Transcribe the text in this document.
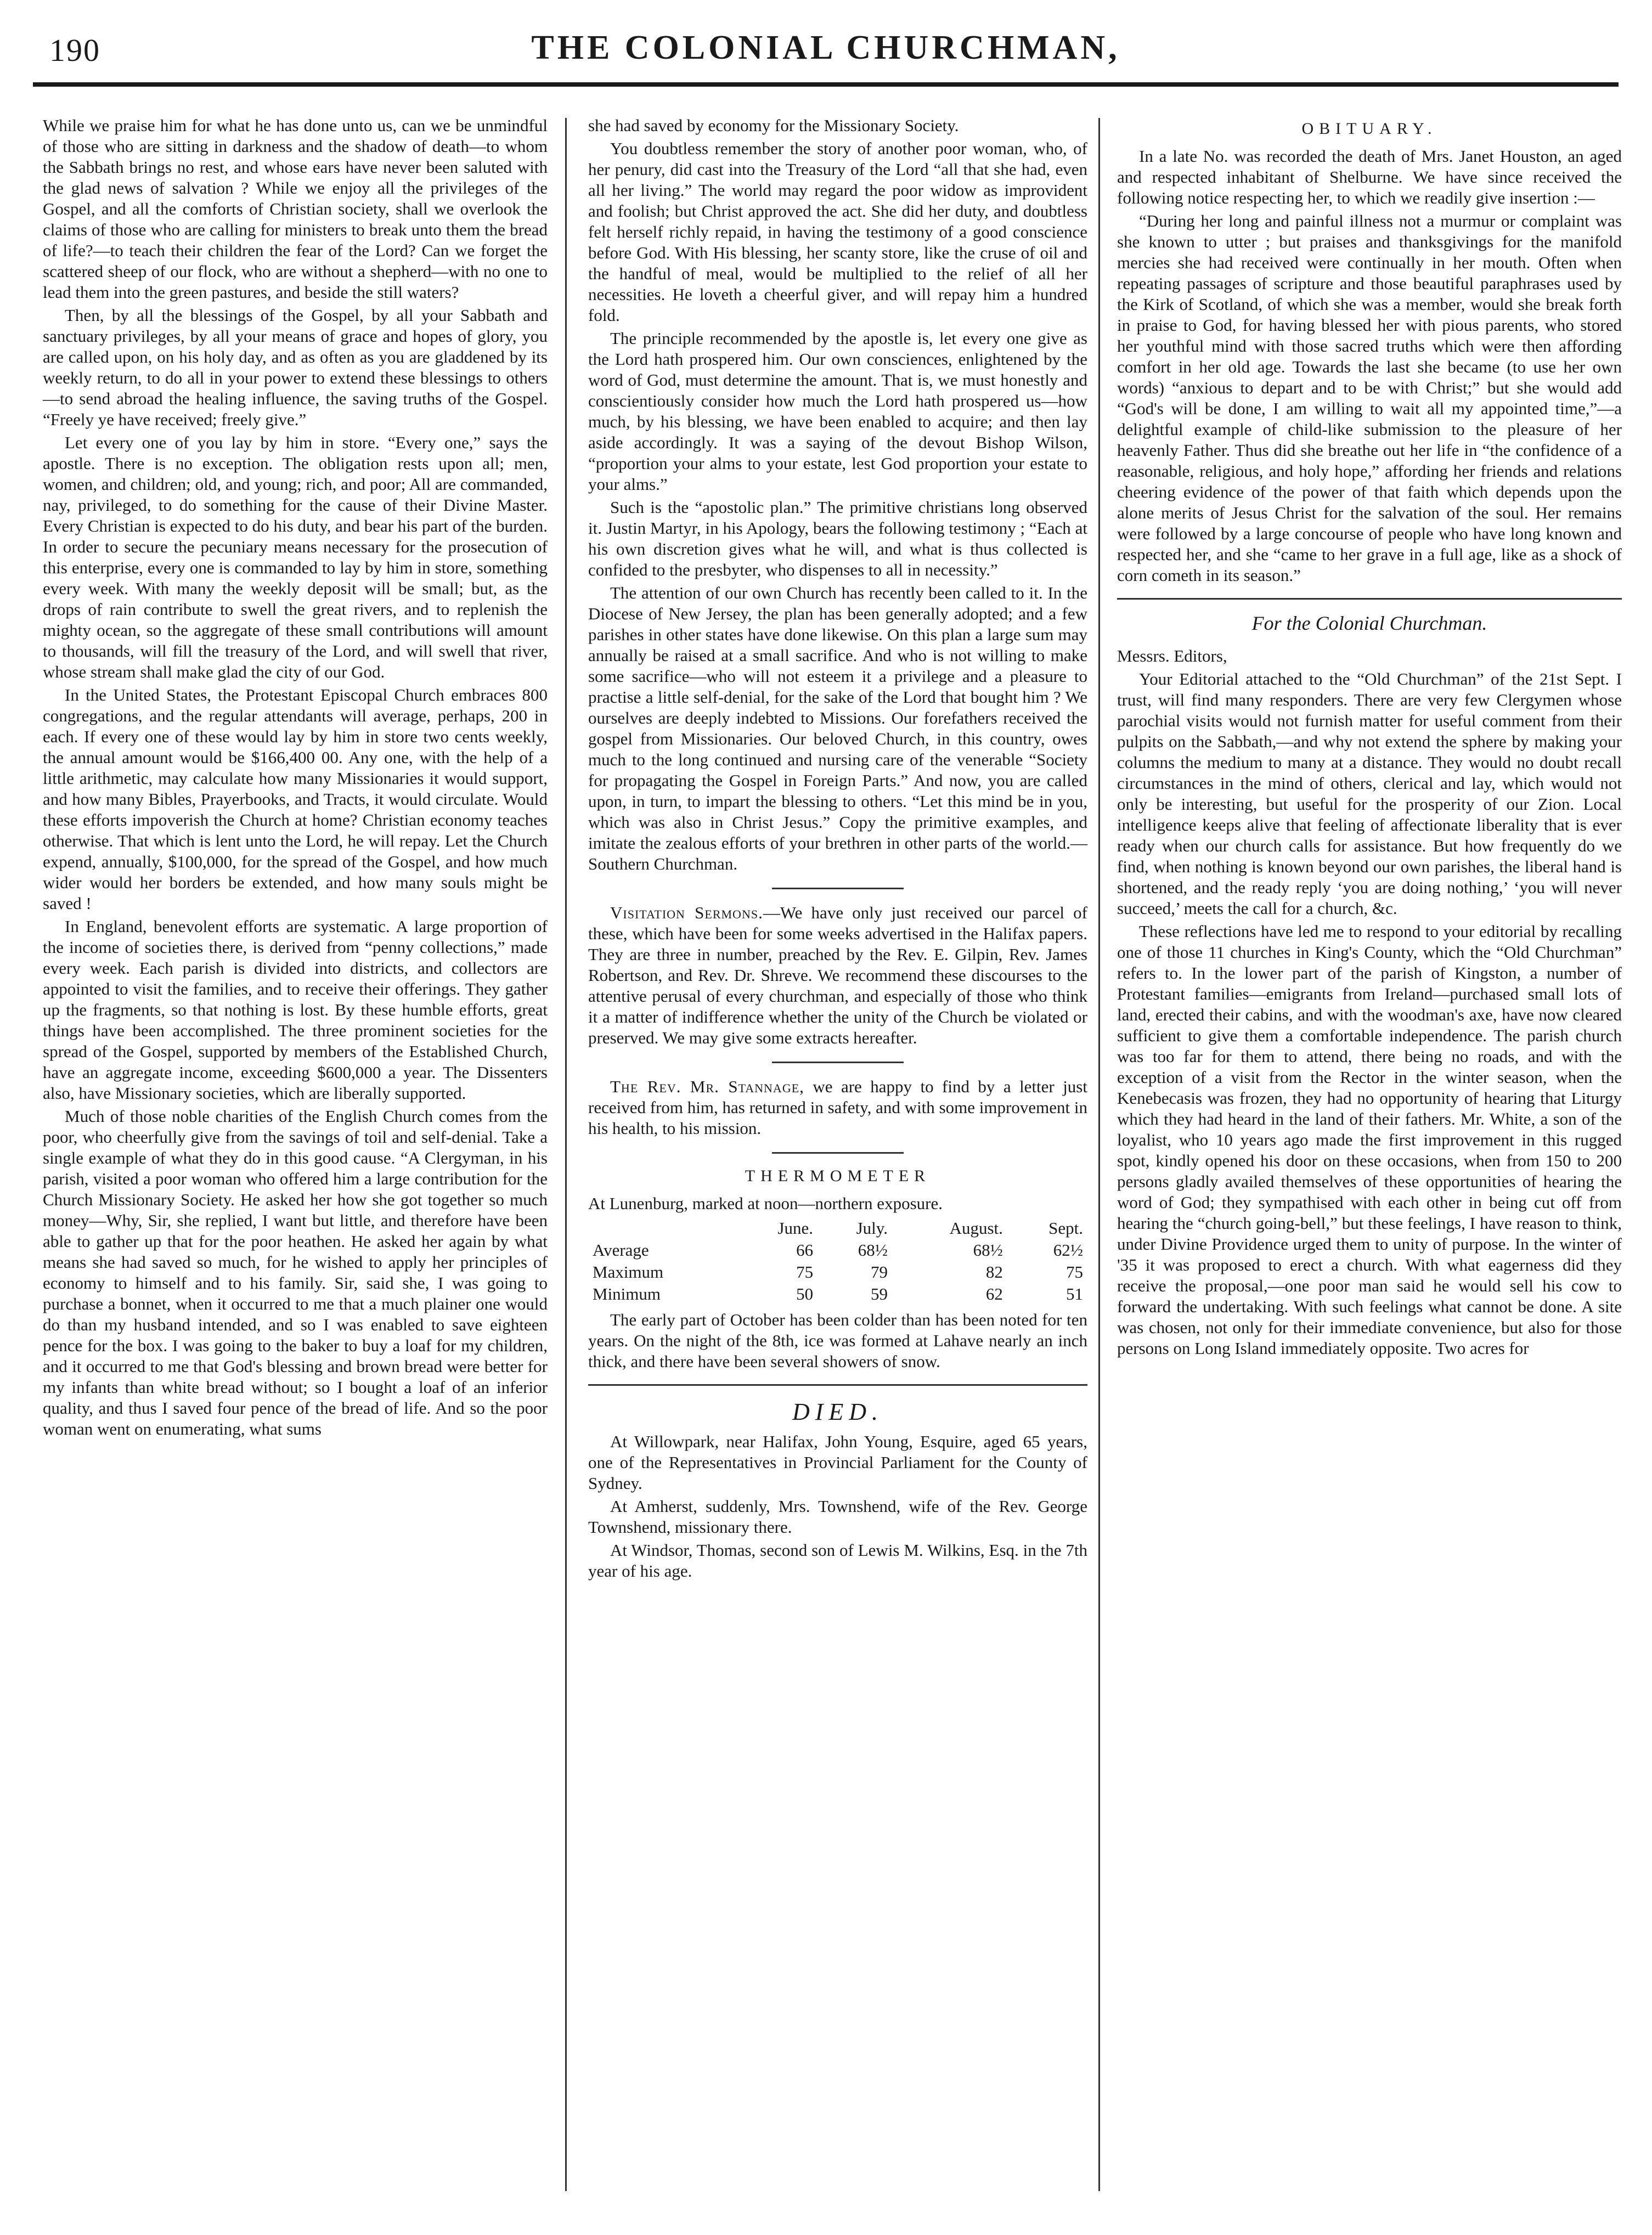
190	THE COLONIAL CHURCHMAN,

While we praise him for what he has done unto us, can we be unmindful of those who are sitting in darkness and the shadow of death—to whom the Sabbath brings no rest, and whose ears have never been saluted with the glad news of salvation ? While we enjoy all the privileges of the Gospel, and all the comforts of Christian society, shall we overlook the claims of those who are calling for ministers to break unto them the bread of life?—to teach their children the fear of the Lord? Can we forget the scattered sheep of our flock, who are without a shepherd—with no one to lead them into the green pastures, and beside the still waters?

Then, by all the blessings of the Gospel, by all your Sabbath and sanctuary privileges, by all your means of grace and hopes of glory, you are called upon, on his holy day, and as often as you are gladdened by its weekly return, to do all in your power to extend these blessings to others—to send abroad the healing influence, the saving truths of the Gospel. “Freely ye have received; freely give.”

Let every one of you lay by him in store. “Every one,” says the apostle. There is no exception. The obligation rests upon all; men, women, and children; old, and young; rich, and poor; All are commanded, nay, privileged, to do something for the cause of their Divine Master. Every Christian is expected to do his duty, and bear his part of the burden. In order to secure the pecuniary means necessary for the prosecution of this enterprise, every one is commanded to lay by him in store, something every week. With many the weekly deposit will be small; but, as the drops of rain contribute to swell the great rivers, and to replenish the mighty ocean, so the aggregate of these small contributions will amount to thousands, will fill the treasury of the Lord, and will swell that river, whose stream shall make glad the city of our God.

In the United States, the Protestant Episcopal Church embraces 800 congregations, and the regular attendants will average, perhaps, 200 in each. If every one of these would lay by him in store two cents weekly, the annual amount would be $166,400 00. Any one, with the help of a little arithmetic, may calculate how many Missionaries it would support, and how many Bibles, Prayerbooks, and Tracts, it would circulate. Would these efforts impoverish the Church at home? Christian economy teaches otherwise. That which is lent unto the Lord, he will repay. Let the Church expend, annually, $100,000, for the spread of the Gospel, and how much wider would her borders be extended, and how many souls might be saved !

In England, benevolent efforts are systematic. A large proportion of the income of societies there, is derived from “penny collections,” made every week. Each parish is divided into districts, and collectors are appointed to visit the families, and to receive their offerings. They gather up the fragments, so that nothing is lost. By these humble efforts, great things have been accomplished. The three prominent societies for the spread of the Gospel, supported by members of the Established Church, have an aggregate income, exceeding $600,000 a year. The Dissenters also, have Missionary societies, which are liberally supported.

Much of those noble charities of the English Church comes from the poor, who cheerfully give from the savings of toil and self-denial. Take a single example of what they do in this good cause. “A Clergyman, in his parish, visited a poor woman who offered him a large contribution for the Church Missionary Society. He asked her how she got together so much money—Why, Sir, she replied, I want but little, and therefore have been able to gather up that for the poor heathen. He asked her again by what means she had saved so much, for he wished to apply her principles of economy to himself and to his family. Sir, said she, I was going to purchase a bonnet, when it occurred to me that a much plainer one would do than my husband intended, and so I was enabled to save eighteen pence for the box. I was going to the baker to buy a loaf for my children, and it occurred to me that God's blessing and brown bread were better for my infants than white bread without; so I bought a loaf of an inferior quality, and thus I saved four pence of the bread of life. And so the poor woman went on enumerating, what sums

she had saved by economy for the Missionary Society.

You doubtless remember the story of another poor woman, who, of her penury, did cast into the Treasury of the Lord “all that she had, even all her living.” The world may regard the poor widow as improvident and foolish; but Christ approved the act. She did her duty, and doubtless felt herself richly repaid, in having the testimony of a good conscience before God. With His blessing, her scanty store, like the cruse of oil and the handful of meal, would be multiplied to the relief of all her necessities. He loveth a cheerful giver, and will repay him a hundred fold.

The principle recommended by the apostle is, let every one give as the Lord hath prospered him. Our own consciences, enlightened by the word of God, must determine the amount. That is, we must honestly and conscientiously consider how much the Lord hath prospered us—how much, by his blessing, we have been enabled to acquire; and then lay aside accordingly. It was a saying of the devout Bishop Wilson, “proportion your alms to your estate, lest God proportion your estate to your alms.”

Such is the “apostolic plan.” The primitive christians long observed it. Justin Martyr, in his Apology, bears the following testimony ; “Each at his own discretion gives what he will, and what is thus collected is confided to the presbyter, who dispenses to all in necessity.”

The attention of our own Church has recently been called to it. In the Diocese of New Jersey, the plan has been generally adopted; and a few parishes in other states have done likewise. On this plan a large sum may annually be raised at a small sacrifice. And who is not willing to make some sacrifice—who will not esteem it a privilege and a pleasure to practise a little self-denial, for the sake of the Lord that bought him ? We ourselves are deeply indebted to Missions. Our forefathers received the gospel from Missionaries. Our beloved Church, in this country, owes much to the long continued and nursing care of the venerable “Society for propagating the Gospel in Foreign Parts.” And now, you are called upon, in turn, to impart the blessing to others. “Let this mind be in you, which was also in Christ Jesus.” Copy the primitive examples, and imitate the zealous efforts of your brethren in other parts of the world.—Southern Churchman.

Visitation Sermons.—We have only just received our parcel of these, which have been for some weeks advertised in the Halifax papers. They are three in number, preached by the Rev. E. Gilpin, Rev. James Robertson, and Rev. Dr. Shreve. We recommend these discourses to the attentive perusal of every churchman, and especially of those who think it a matter of indifference whether the unity of the Church be violated or preserved. We may give some extracts hereafter.

The Rev. Mr. Stannage, we are happy to find by a letter just received from him, has returned in safety, and with some improvement in his health, to his mission.

THERMOMETER

At Lunenburg, marked at noon—northern exposure.

	June.	July.	August.	Sept.
Average	66	68½	68½	62½
Maximum	75	79	82	75
Minimum	50	59	62	51

The early part of October has been colder than has been noted for ten years. On the night of the 8th, ice was formed at Lahave nearly an inch thick, and there have been several showers of snow.

DIED.

At Willowpark, near Halifax, John Young, Esquire, aged 65 years, one of the Representatives in Provincial Parliament for the County of Sydney.

At Amherst, suddenly, Mrs. Townshend, wife of the Rev. George Townshend, missionary there.

At Windsor, Thomas, second son of Lewis M. Wilkins, Esq. in the 7th year of his age.

OBITUARY.

In a late No. was recorded the death of Mrs. Janet Houston, an aged and respected inhabitant of Shelburne. We have since received the following notice respecting her, to which we readily give insertion :—

“During her long and painful illness not a murmur or complaint was she known to utter ; but praises and thanksgivings for the manifold mercies she had received were continually in her mouth. Often when repeating passages of scripture and those beautiful paraphrases used by the Kirk of Scotland, of which she was a member, would she break forth in praise to God, for having blessed her with pious parents, who stored her youthful mind with those sacred truths which were then affording comfort in her old age. Towards the last she became (to use her own words) “anxious to depart and to be with Christ;” but she would add “God's will be done, I am willing to wait all my appointed time,”—a delightful example of child-like submission to the pleasure of her heavenly Father. Thus did she breathe out her life in “the confidence of a reasonable, religious, and holy hope,” affording her friends and relations cheering evidence of the power of that faith which depends upon the alone merits of Jesus Christ for the salvation of the soul. Her remains were followed by a large concourse of people who have long known and respected her, and she “came to her grave in a full age, like as a shock of corn cometh in its season.”

For the Colonial Churchman.
Messrs. Editors,

Your Editorial attached to the “Old Churchman” of the 21st Sept. I trust, will find many responders. There are very few Clergymen whose parochial visits would not furnish matter for useful comment from their pulpits on the Sabbath,—and why not extend the sphere by making your columns the medium to many at a distance. They would no doubt recall circumstances in the mind of others, clerical and lay, which would not only be interesting, but useful for the prosperity of our Zion. Local intelligence keeps alive that feeling of affectionate liberality that is ever ready when our church calls for assistance. But how frequently do we find, when nothing is known beyond our own parishes, the liberal hand is shortened, and the ready reply ‘you are doing nothing,’ ‘you will never succeed,’ meets the call for a church, &c.

These reflections have led me to respond to your editorial by recalling one of those 11 churches in King's County, which the “Old Churchman” refers to. In the lower part of the parish of Kingston, a number of Protestant families—emigrants from Ireland—purchased small lots of land, erected their cabins, and with the woodman's axe, have now cleared sufficient to give them a comfortable independence. The parish church was too far for them to attend, there being no roads, and with the exception of a visit from the Rector in the winter season, when the Kenebecasis was frozen, they had no opportunity of hearing that Liturgy which they had heard in the land of their fathers. Mr. White, a son of the loyalist, who 10 years ago made the first improvement in this rugged spot, kindly opened his door on these occasions, when from 150 to 200 persons gladly availed themselves of these opportunities of hearing the word of God; they sympathised with each other in being cut off from hearing the “church going-bell,” but these feelings, I have reason to think, under Divine Providence urged them to unity of purpose. In the winter of '35 it was proposed to erect a church. With what eagerness did they receive the proposal,—one poor man said he would sell his cow to forward the undertaking. With such feelings what cannot be done. A site was chosen, not only for their immediate convenience, but also for those persons on Long Island immediately opposite. Two acres for
